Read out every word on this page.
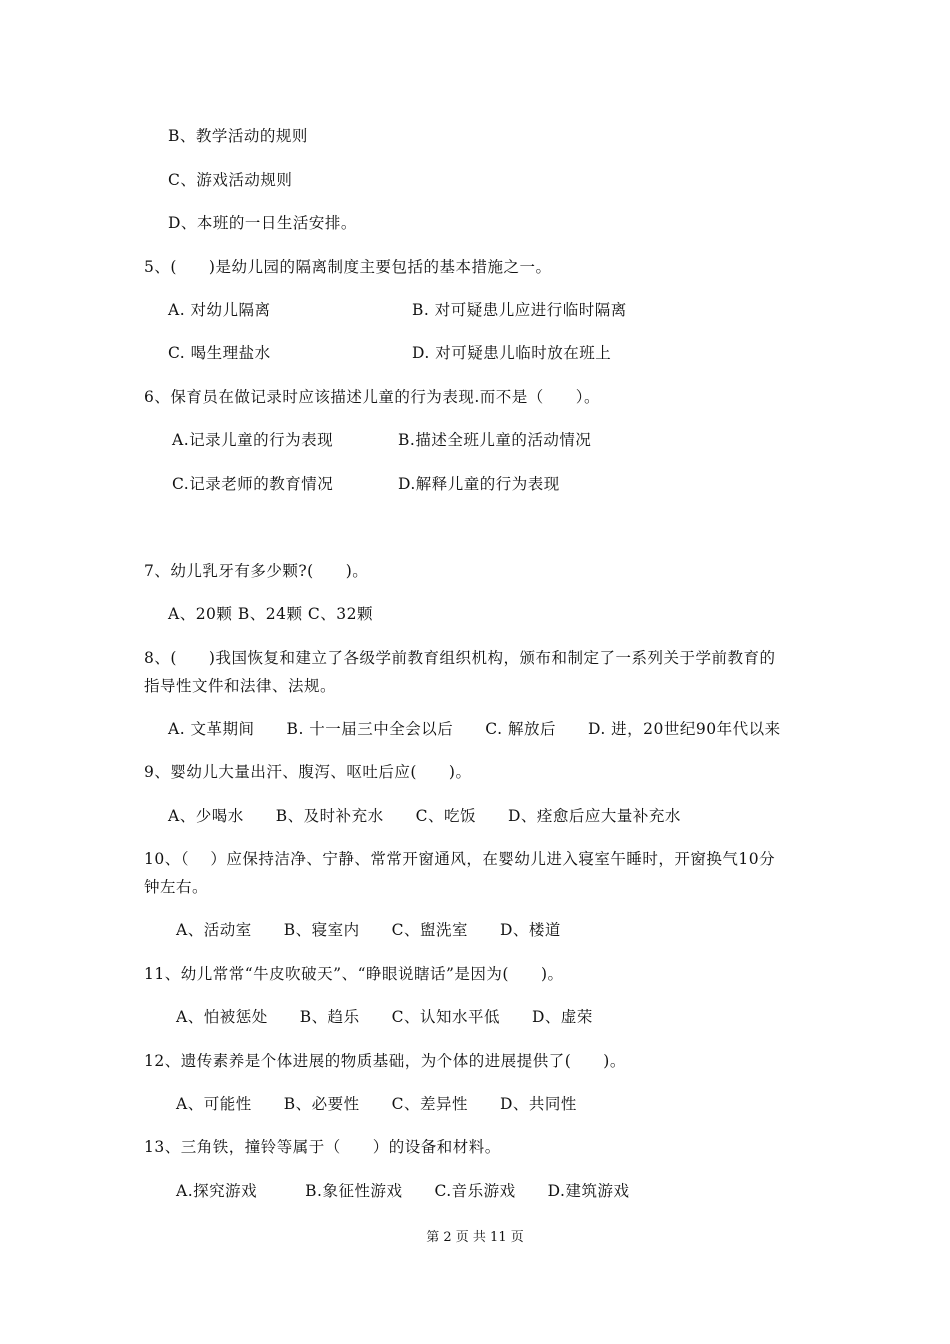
B、教学活动的规则
C、游戏活动规则
D、本班的一日生活安排。
5、(　　)是幼儿园的隔离制度主要包括的基本措施之一。
A. 对幼儿隔离	B. 对可疑患儿应进行临时隔离
C. 喝生理盐水	D. 对可疑患儿临时放在班上
6、保育员在做记录时应该描述儿童的行为表现.而不是（　　）。
A.记录儿童的行为表现	B.描述全班儿童的活动情况
C.记录老师的教育情况	D.解释儿童的行为表现
7、幼儿乳牙有多少颗?(　　)。
A、20颗 B、24颗 C、32颗
8、(　　)我国恢复和建立了各级学前教育组织机构，颁布和制定了一系列关于学前教育的
指导性文件和法律、法规。
A. 文革期间　　B. 十一届三中全会以后　　C. 解放后　　D. 进，20世纪90年代以来
9、婴幼儿大量出汗、腹泻、呕吐后应(　　)。
A、少喝水　　B、及时补充水　　C、吃饭　　D、痊愈后应大量补充水
10、（　 ）应保持洁净、宁静、常常开窗通风，在婴幼儿进入寝室午睡时，开窗换气10分
钟左右。
A、活动室　　B、寝室内　　C、盥洗室　　D、楼道
11、幼儿常常“牛皮吹破天”、“睁眼说瞎话”是因为(　　)。
A、怕被惩处　　B、趋乐　　C、认知水平低　　D、虚荣
12、遗传素养是个体进展的物质基础，为个体的进展提供了(　　)。
A、可能性　　B、必要性　　C、差异性　　D、共同性
13、三角铁，撞铃等属于（　　）的设备和材料。
A.探究游戏　　　B.象征性游戏　　C.音乐游戏　　D.建筑游戏
第 2 页 共 11 页
